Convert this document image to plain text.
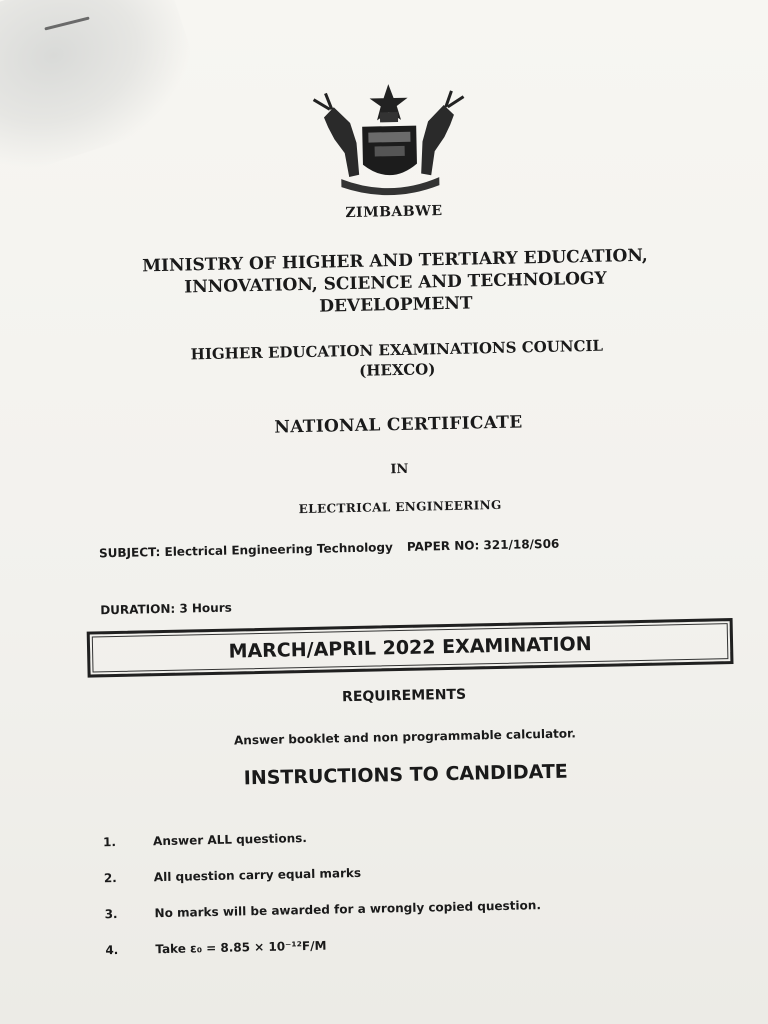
ZIMBABWE
MINISTRY OF HIGHER AND TERTIARY EDUCATION,
INNOVATION, SCIENCE AND TECHNOLOGY
DEVELOPMENT
HIGHER EDUCATION EXAMINATIONS COUNCIL
(HEXCO)
NATIONAL CERTIFICATE
IN
ELECTRICAL ENGINEERING
SUBJECT: Electrical Engineering Technology PAPER NO: 321/18/S06
DURATION: 3 Hours
MARCH/APRIL 2022 EXAMINATION
REQUIREMENTS
Answer booklet and non programmable calculator.
INSTRUCTIONS TO CANDIDATE
1.	Answer ALL questions.
2.	All question carry equal marks
3.	No marks will be awarded for a wrongly copied question.
4.	Take ε₀ = 8.85 × 10⁻¹²F/M
